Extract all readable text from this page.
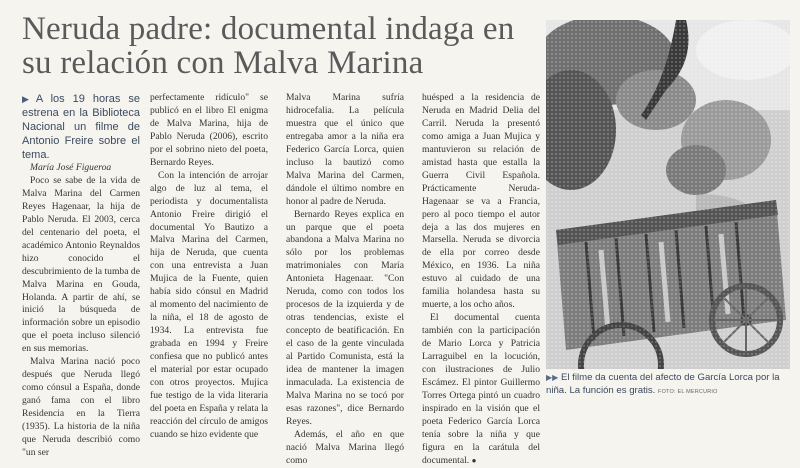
Neruda padre: documental indaga en su relación con Malva Marina

▶ A los 19 horas se estrena en la Biblioteca Nacional un filme de Antonio Freire sobre el tema.

María José Figueroa

Poco se sabe de la vida de Malva Marina del Carmen Reyes Hagenaar, la hija de Pablo Neruda. El 2003, cerca del centenario del poeta, el académico Antonio Reynaldos hizo conocido el descubrimiento de la tumba de Malva Marina en Gouda, Holanda. A partir de ahí, se inició la búsqueda de información sobre un episodio que el poeta incluso silenció en sus memorias.

Malva Marina nació poco después que Neruda llegó como cónsul a España, donde ganó fama con el libro Residencia en la Tierra (1935). La historia de la niña que Neruda describió como "un ser

perfectamente ridículo" se publicó en el libro El enigma de Malva Marina, hija de Pablo Neruda (2006), escrito por el sobrino nieto del poeta, Bernardo Reyes.

Con la intención de arrojar algo de luz al tema, el periodista y documentalista Antonio Freire dirigió el documental Yo Bautizo a Malva Marina del Carmen, hija de Neruda, que cuenta con una entrevista a Juan Mujica de la Fuente, quien había sido cónsul en Madrid al momento del nacimiento de la niña, el 18 de agosto de 1934. La entrevista fue grabada en 1994 y Freire confiesa que no publicó antes el material por estar ocupado con otros proyectos. Mujica fue testigo de la vida literaria del poeta en España y relata la reacción del círculo de amigos cuando se hizo evidente que

Malva Marina sufría hidrocefalia. La película muestra que el único que entregaba amor a la niña era Federico García Lorca, quien incluso la bautizó como Malva Marina del Carmen, dándole el último nombre en honor al padre de Neruda.

Bernardo Reyes explica en un parque que el poeta abandona a Malva Marina no sólo por los problemas matrimoniales con María Antonieta Hagenaar. "Con Neruda, como con todos los procesos de la izquierda y de otras tendencias, existe el concepto de beatificación. En el caso de la gente vinculada al Partido Comunista, está la idea de mantener la imagen inmaculada. La existencia de Malva Marina no se tocó por esas razones", dice Bernardo Reyes.

Además, el año en que nació Malva Marina llegó como

huésped a la residencia de Neruda en Madrid Delia del Carril. Neruda la presentó como amiga a Juan Mujica y mantuvieron su relación de amistad hasta que estalla la Guerra Civil Española. Prácticamente Neruda-Hagenaar se va a Francia, pero al poco tiempo el autor deja a las dos mujeres en Marsella. Neruda se divorcia de ella por correo desde México, en 1936. La niña estuvo al cuidado de una familia holandesa hasta su muerte, a los ocho años.

El documental cuenta también con la participación de Mario Lorca y Patricia Larraguibel en la locución, con ilustraciones de Julio Escámez. El pintor Guillermo Torres Ortega pintó un cuadro inspirado en la visión que el poeta Federico García Lorca tenía sobre la niña y que figura en la carátula del documental. ●

▶▶ El filme da cuenta del afecto de García Lorca por la niña. La función es gratis. FOTO: EL MERCURIO
